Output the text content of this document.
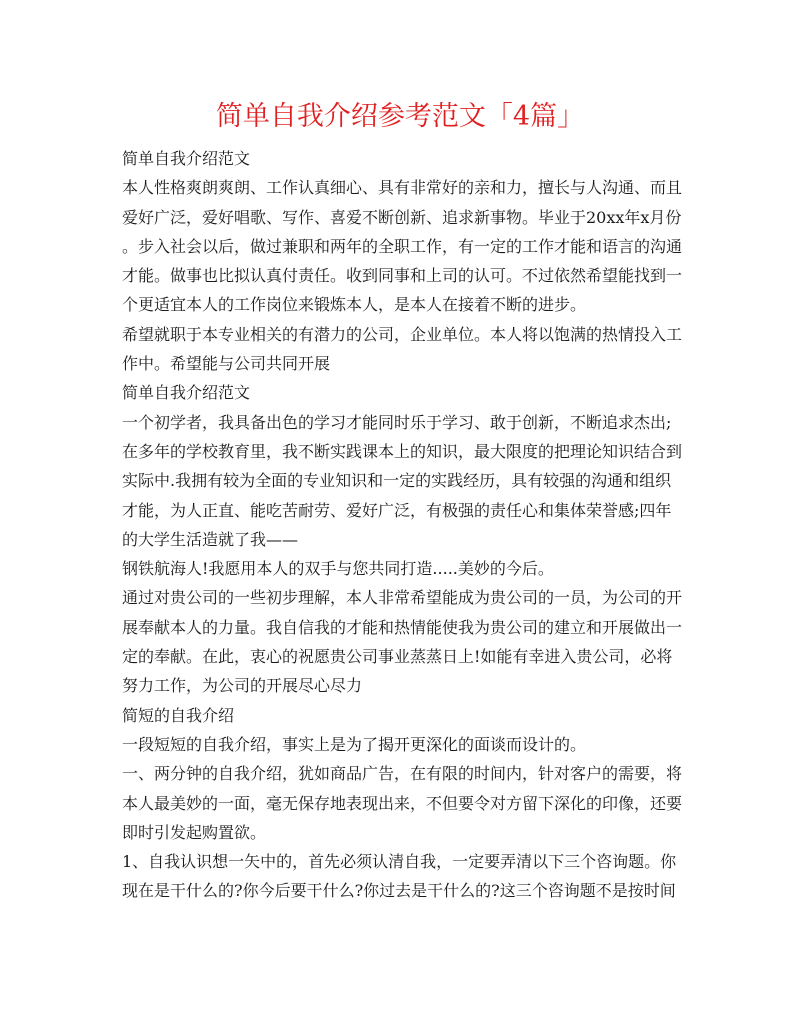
简单自我介绍参考范文「4篇」
简单自我介绍范文
本人性格爽朗爽朗、工作认真细心、具有非常好的亲和力，擅长与人沟通、而且
爱好广泛，爱好唱歌、写作、喜爱不断创新、追求新事物。毕业于20xx年x月份
。步入社会以后，做过兼职和两年的全职工作，有一定的工作才能和语言的沟通
才能。做事也比拟认真付责任。收到同事和上司的认可。不过依然希望能找到一
个更适宜本人的工作岗位来锻炼本人，是本人在接着不断的进步。
希望就职于本专业相关的有潜力的公司，企业单位。本人将以饱满的热情投入工
作中。希望能与公司共同开展
简单自我介绍范文
一个初学者，我具备出色的学习才能同时乐于学习、敢于创新，不断追求杰出;
在多年的学校教育里，我不断实践课本上的知识，最大限度的把理论知识结合到
实际中.我拥有较为全面的专业知识和一定的实践经历，具有较强的沟通和组织
才能，为人正直、能吃苦耐劳、爱好广泛，有极强的责任心和集体荣誉感;四年
的大学生活造就了我——
钢铁航海人!我愿用本人的双手与您共同打造.....美妙的今后。
通过对贵公司的一些初步理解，本人非常希望能成为贵公司的一员，为公司的开
展奉献本人的力量。我自信我的才能和热情能使我为贵公司的建立和开展做出一
定的奉献。在此，衷心的祝愿贵公司事业蒸蒸日上!如能有幸进入贵公司，必将
努力工作，为公司的开展尽心尽力
简短的自我介绍
一段短短的自我介绍，事实上是为了揭开更深化的面谈而设计的。
一、两分钟的自我介绍，犹如商品广告，在有限的时间内，针对客户的需要，将
本人最美妙的一面，毫无保存地表现出来，不但要令对方留下深化的印像，还要
即时引发起购置欲。
1、自我认识想一矢中的，首先必须认清自我，一定要弄清以下三个咨询题。你
现在是干什么的?你今后要干什么?你过去是干什么的?这三个咨询题不是按时间
